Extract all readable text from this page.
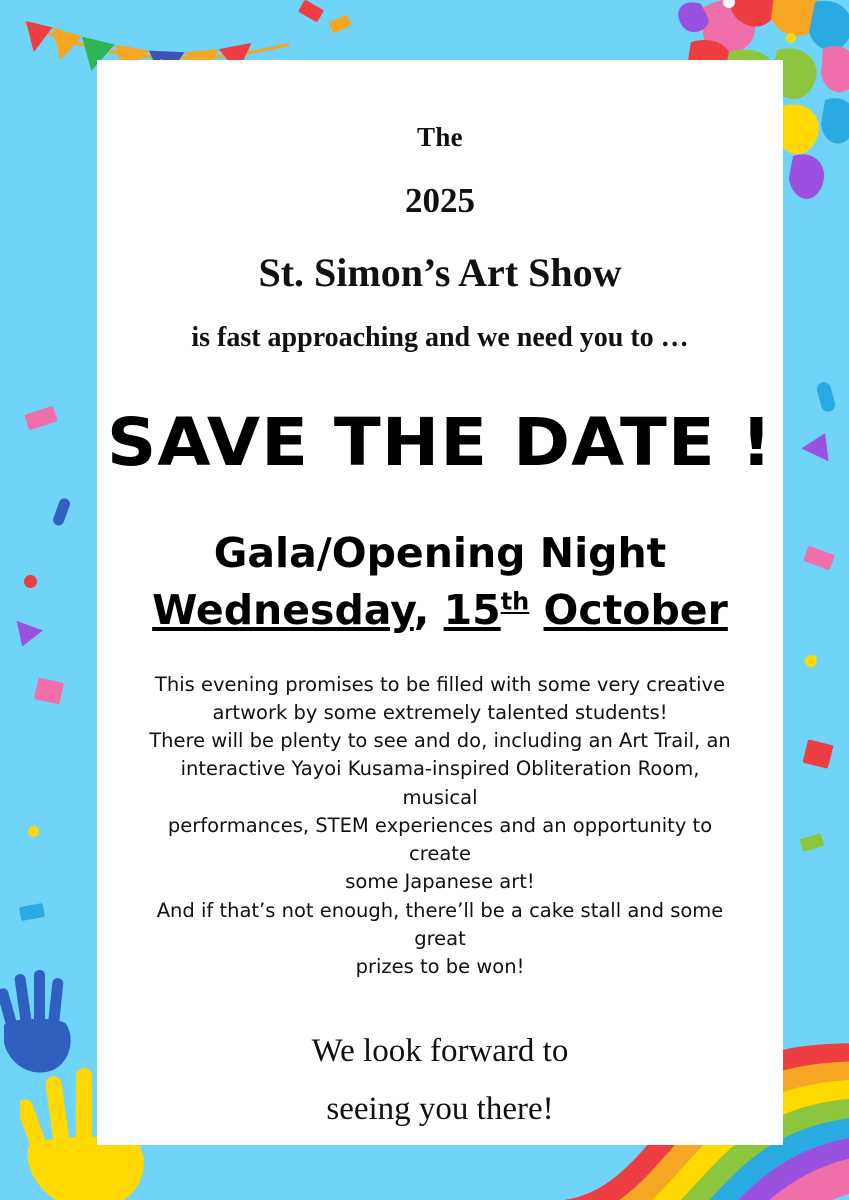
The
2025
St. Simon’s Art Show
is fast approaching and we need you to …
SAVE THE DATE !
Gala/Opening Night
Wednesday, 15th October

This evening promises to be filled with some very creative

artwork by some extremely talented students!

There will be plenty to see and do, including an Art Trail, an

interactive Yayoi Kusama-inspired Obliteration Room, musical

performances, STEM experiences and an opportunity to create

some Japanese art!

And if that’s not enough, there’ll be a cake stall and some great

prizes to be won!

We look forward to
seeing you there!
